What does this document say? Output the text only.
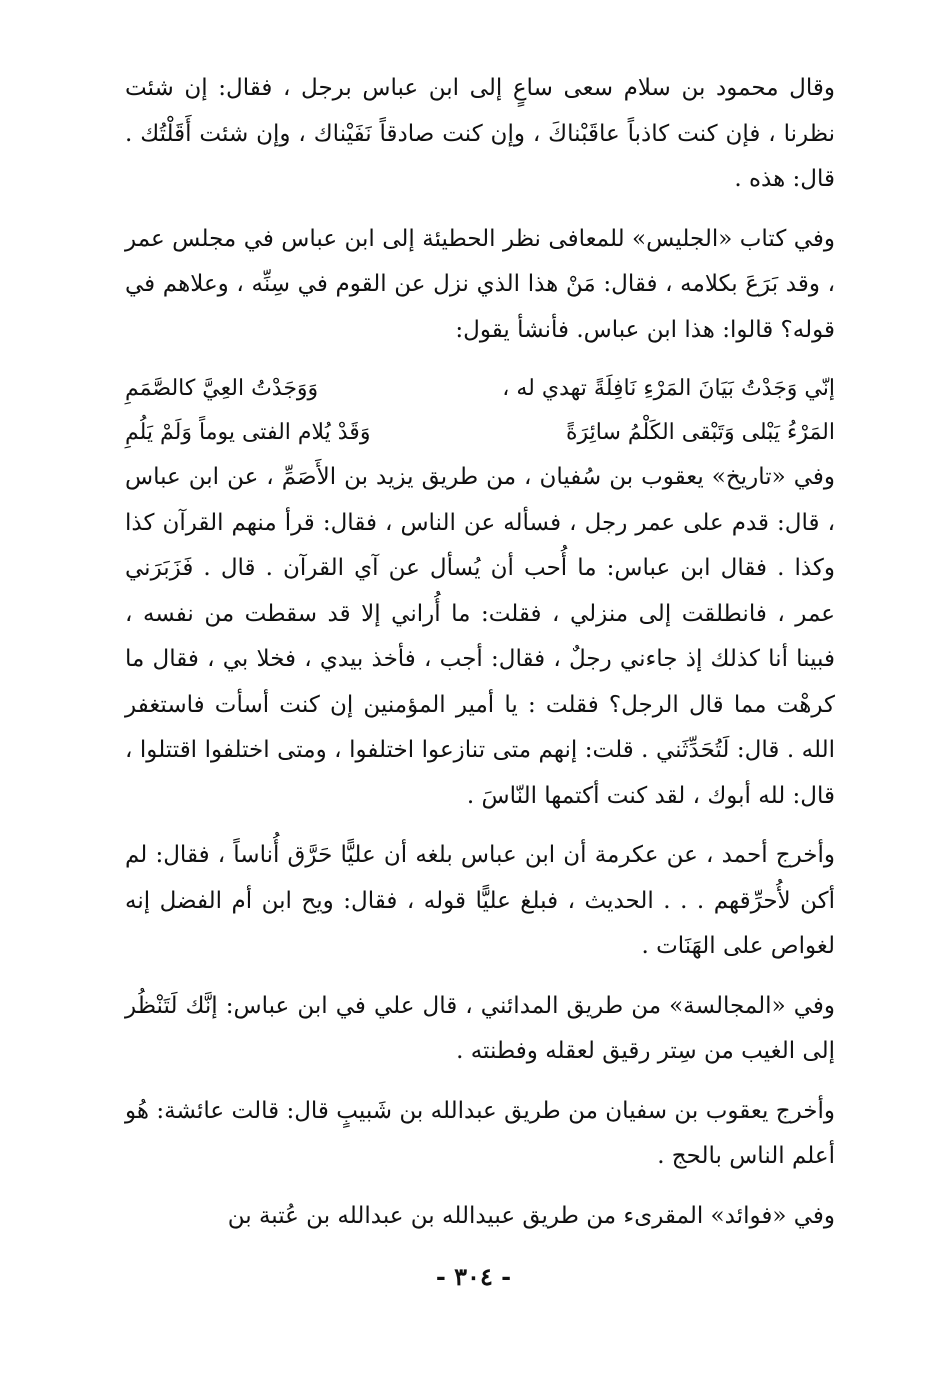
وقال محمود بن سلام سعى ساعٍ إلى ابن عباس برجل ، فقال: إن شئت نظرنا ، فإن كنت كاذباً عاقَبْناكَ ، وإن كنت صادقاً نَفَيْناك ، وإن شئت أَقَلْتُك . قال: هذه .

وفي كتاب «الجليس» للمعافى نظر الحطيئة إلى ابن عباس في مجلس عمر ، وقد بَرَعَ بكلامه ، فقال: مَنْ هذا الذي نزل عن القوم في سِنِّه ، وعلاهم في قوله؟ قالوا: هذا ابن عباس. فأنشأ يقول:

إنّي وَجَدْتُ بَيَانَ المَرْءِ نَافِلَةً تهدي له ،
وَوَجَدْتُ العِيَّ كالصَّمَمِ
المَرْءُ يَبْلى وَتَبْقى الكَلْمُ سائِرَةً
وَقَدْ يُلام الفتى يوماً وَلَمْ يَلُمِ

وفي «تاريخ» يعقوب بن سُفيان ، من طريق يزيد بن الأَصَمِّ ، عن ابن عباس ، قال: قدم على عمر رجل ، فسأله عن الناس ، فقال: قرأ منهم القرآن كذا وكذا . فقال ابن عباس: ما أُحب أن يُسأل عن آي القرآن . قال . فَزَبَرَني عمر ، فانطلقت إلى منزلي ، فقلت: ما أُراني إلا قد سقطت من نفسه ، فبينا أنا كذلك إذ جاءني رجلٌ ، فقال: أجب ، فأخذ بيدي ، فخلا بي ، فقال ما كرهْت مما قال الرجل؟ فقلت : يا أمير المؤمنين إن كنت أسأت فاستغفر الله . قال: لَتُحَدِّثَني . قلت: إنهم متى تنازعوا اختلفوا ، ومتى اختلفوا اقتتلوا ، قال: لله أبوك ، لقد كنت أكتمها النّاسَ .

وأخرج أحمد ، عن عكرمة أن ابن عباس بلغه أن عليًّا حَرَّق أُناساً ، فقال: لم أكن لأُحرِّقهم . . . الحديث ، فبلغ عليًّا قوله ، فقال: ويح ابن أم الفضل إنه لغواص على الهَنَات .

وفي «المجالسة» من طريق المدائني ، قال علي في ابن عباس: إنَّك لَتَنْظُر إلى الغيب من سِتر رقيق لعقله وفطنته .

وأخرج يعقوب بن سفيان من طريق عبدالله بن شَبيبٍ قال: قالت عائشة: هُو أعلم الناس بالحج .

وفي «فوائد» المقرىء من طريق عبيدالله بن عبدالله بن عُتبة بن

- ٣٠٤ -
